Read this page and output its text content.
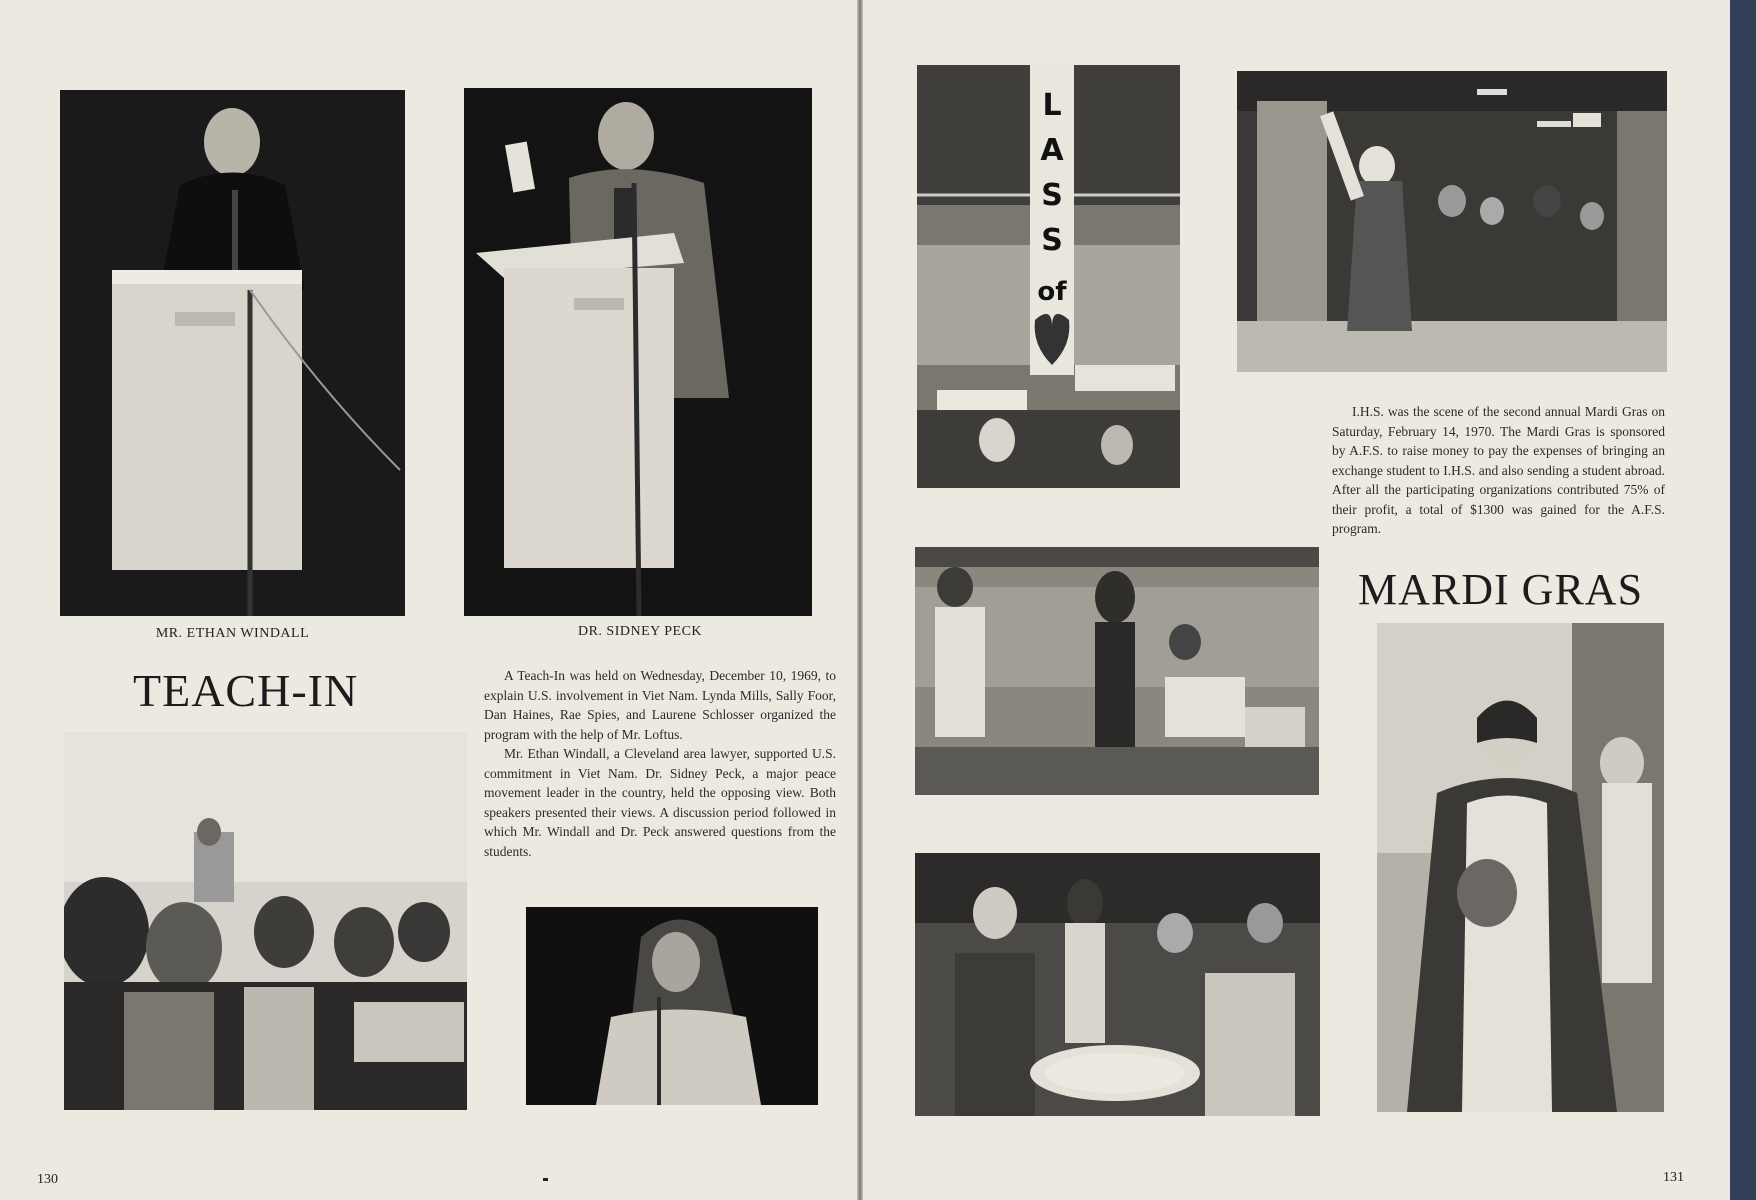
MR. ETHAN WINDALL	DR. SIDNEY PECK
TEACH-IN	A Teach-In was held on Wednesday, December 10, 1969, to explain U.S. involvement in Viet Nam. Lynda Mills, Sally Foor, Dan Haines, Rae Spies, and Laurene Schlosser organized the program with the help of Mr. Loftus.

Mr. Ethan Windall, a Cleveland area lawyer, supported U.S. commitment in Viet Nam. Dr. Sidney Peck, a major peace movement leader in the country, held the opposing view. Both speakers presented their views. A discussion period followed in which Mr. Windall and Dr. Peck answered questions from the students.

130
L
A
S
S
of
I.H.S. was the scene of the second annual Mardi Gras on Saturday, February 14, 1970. The Mardi Gras is sponsored by A.F.S. to raise money to pay the expenses of bringing an exchange student to I.H.S. and also sending a student abroad. After all the participating organizations contributed 75% of their profit, a total of $1300 was gained for the A.F.S. program.
MARDI GRAS
131
